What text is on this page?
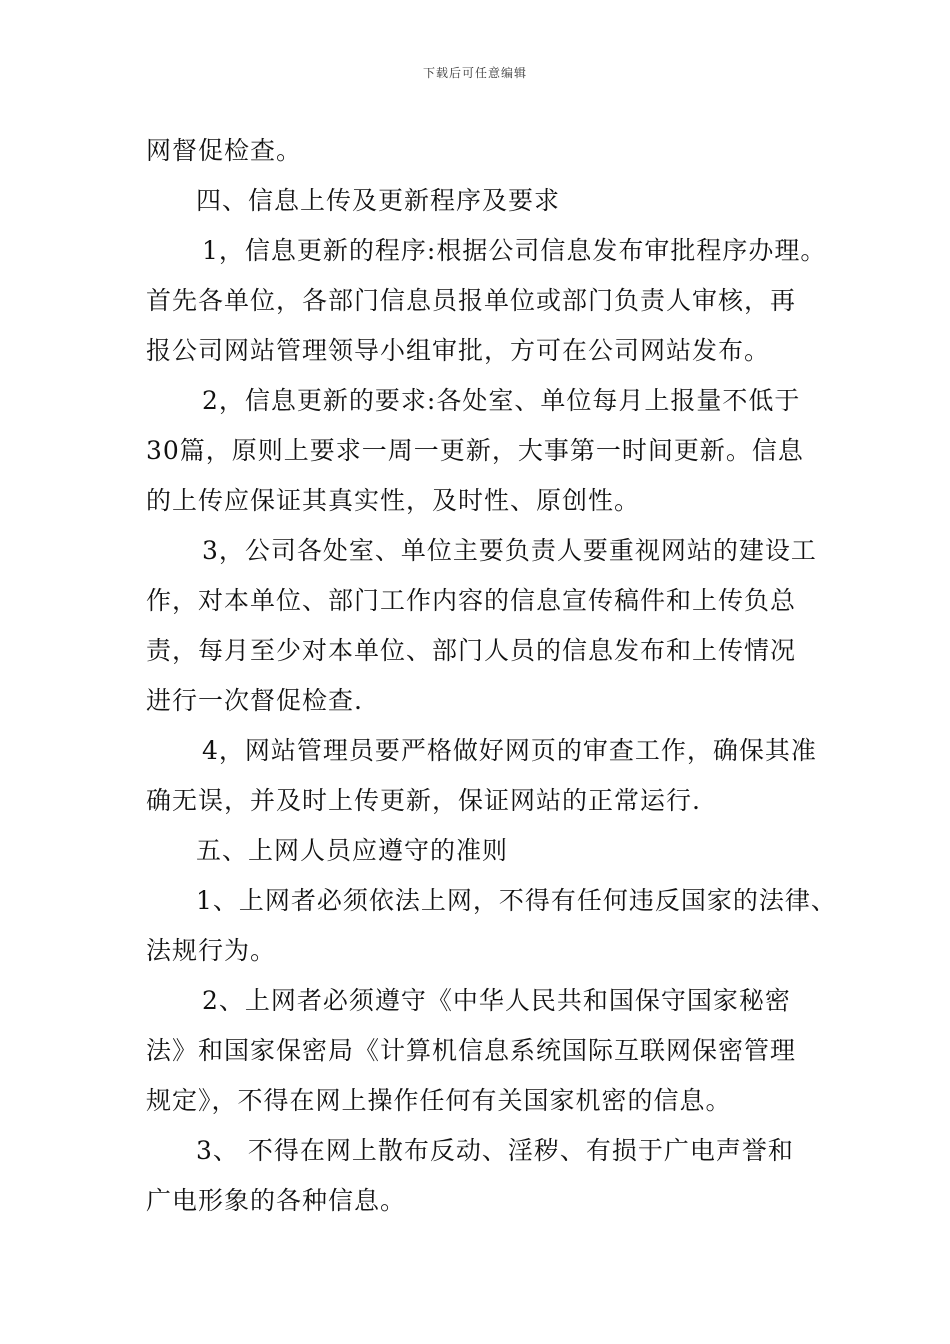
下载后可任意编辑
网督促检查。
四、信息上传及更新程序及要求
1，信息更新的程序:根据公司信息发布审批程序办理。
首先各单位，各部门信息员报单位或部门负责人审核，再
报公司网站管理领导小组审批，方可在公司网站发布。
2，信息更新的要求:各处室、单位每月上报量不低于
30篇，原则上要求一周一更新，大事第一时间更新。信息
的上传应保证其真实性，及时性、原创性。
3，公司各处室、单位主要负责人要重视网站的建设工
作，对本单位、部门工作内容的信息宣传稿件和上传负总
责，每月至少对本单位、部门人员的信息发布和上传情况
进行一次督促检查.
4，网站管理员要严格做好网页的审查工作，确保其准
确无误，并及时上传更新，保证网站的正常运行.
五、上网人员应遵守的准则
1、上网者必须依法上网，不得有任何违反国家的法律、
法规行为。
2、上网者必须遵守《中华人民共和国保守国家秘密
法》和国家保密局《计算机信息系统国际互联网保密管理
规定》，不得在网上操作任何有关国家机密的信息。
3、 不得在网上散布反动、淫秽、有损于广电声誉和
广电形象的各种信息。
